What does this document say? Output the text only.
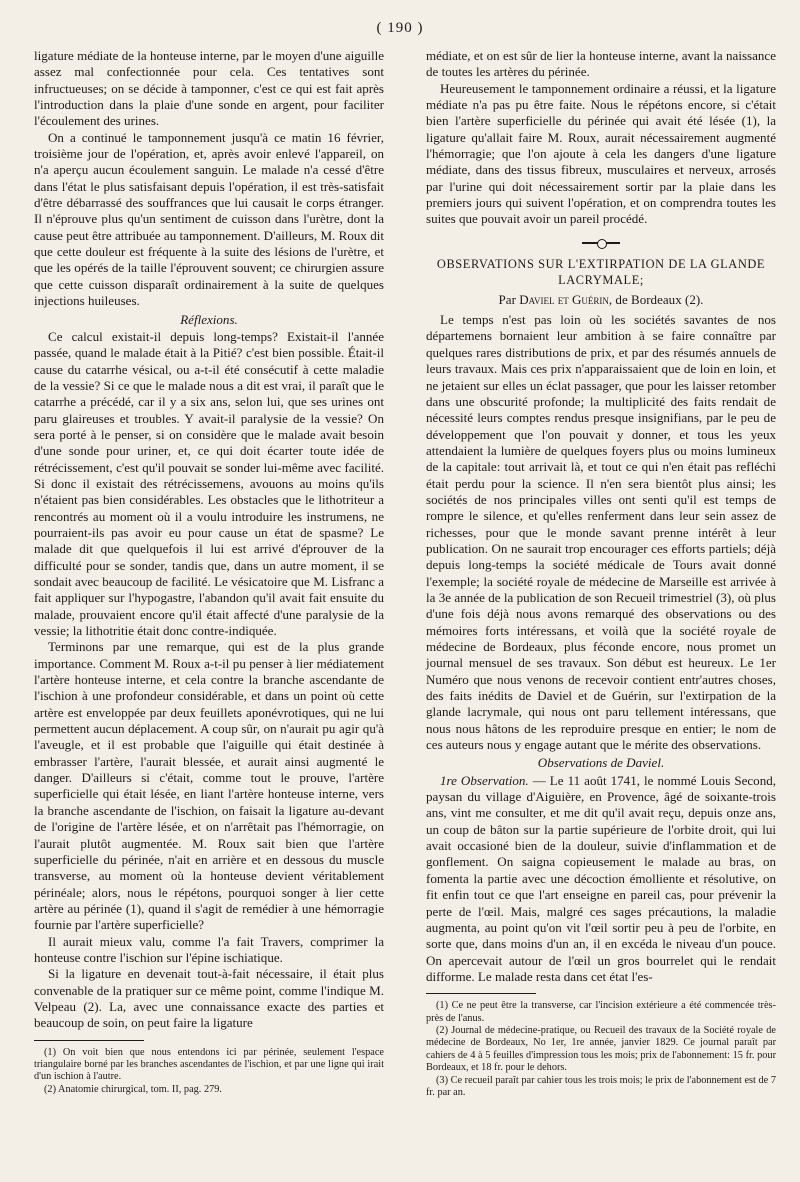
( 190 )

ligature médiate de la honteuse interne, par le moyen d'une aiguille assez mal confectionnée pour cela. Ces tentatives sont infructueuses; on se décide à tamponner, c'est ce qui est fait après l'introduction dans la plaie d'une sonde en argent, pour faciliter l'écoulement des urines.

On a continué le tamponnement jusqu'à ce matin 16 février, troisième jour de l'opération, et, après avoir enlevé l'appareil, on n'a aperçu aucun écoulement sanguin. Le malade n'a cessé d'être dans l'état le plus satisfaisant depuis l'opération, il est très-satisfait d'être débarrassé des souffrances que lui causait le corps étranger. Il n'éprouve plus qu'un sentiment de cuisson dans l'urètre, dont la cause peut être attribuée au tamponnement. D'ailleurs, M. Roux dit que cette douleur est fréquente à la suite des lésions de l'urètre, et que les opérés de la taille l'éprouvent souvent; ce chirurgien assure que cette cuisson disparaît ordinairement à la suite de quelques injections huileuses.

Réflexions.

Ce calcul existait-il depuis long-temps? Existait-il l'année passée, quand le malade était à la Pitié? c'est bien possible. Était-il cause du catarrhe vésical, ou a-t-il été consécutif à cette maladie de la vessie? Si ce que le malade nous a dit est vrai, il paraît que le catarrhe a précédé, car il y a six ans, selon lui, que ses urines ont paru glaireuses et troubles. Y avait-il paralysie de la vessie? On sera porté à le penser, si on considère que le malade avait besoin d'une sonde pour uriner, et, ce qui doit écarter toute idée de rétrécissement, c'est qu'il pouvait se sonder lui-même avec facilité. Si donc il existait des rétrécissemens, avouons au moins qu'ils n'étaient pas bien considérables. Les obstacles que le lithotriteur a rencontrés au moment où il a voulu introduire les instrumens, ne pourraient-ils pas avoir eu pour cause un état de spasme? Le malade dit que quelquefois il lui est arrivé d'éprouver de la difficulté pour se sonder, tandis que, dans un autre moment, il se sondait avec beaucoup de facilité. Le vésicatoire que M. Lisfranc a fait appliquer sur l'hypogastre, l'abandon qu'il avait fait ensuite du malade, prouvaient encore qu'il était affecté d'une paralysie de la vessie; la lithotritie était donc contre-indiquée.

Terminons par une remarque, qui est de la plus grande importance. Comment M. Roux a-t-il pu penser à lier médiatement l'artère honteuse interne, et cela contre la branche ascendante de l'ischion à une profondeur considérable, et dans un point où cette artère est enveloppée par deux feuillets aponévrotiques, qui ne lui permettent aucun déplacement. A coup sûr, on n'aurait pu agir qu'à l'aveugle, et il est probable que l'aiguille qui était destinée à embrasser l'artère, l'aurait blessée, et aurait ainsi augmenté le danger. D'ailleurs si c'était, comme tout le prouve, l'artère superficielle qui était lésée, en liant l'artère honteuse interne, vers la branche ascendante de l'ischion, on faisait la ligature au-devant de l'origine de l'artère lésée, et on n'arrêtait pas l'hémorragie, on l'aurait plutôt augmentée. M. Roux sait bien que l'artère superficielle du périnée, n'ait en arrière et en dessous du muscle transverse, au moment où la honteuse devient véritablement périnéale; alors, nous le répétons, pourquoi songer à lier cette artère au périnée (1), quand il s'agit de remédier à une hémorragie fournie par l'artère superficielle?

Il aurait mieux valu, comme l'a fait Travers, comprimer la honteuse contre l'ischion sur l'épine ischiatique.

Si la ligature en devenait tout-à-fait nécessaire, il était plus convenable de la pratiquer sur ce même point, comme l'indique M. Velpeau (2). La, avec une connaissance exacte des parties et beaucoup de soin, on peut faire la ligature

(1) On voit bien que nous entendons ici par périnée, seulement l'espace triangulaire borné par les branches ascendantes de l'ischion, et par une ligne qui irait d'un ischion à l'autre.

(2) Anatomie chirurgical, tom. II, pag. 279.

médiate, et on est sûr de lier la honteuse interne, avant la naissance de toutes les artères du périnée.

Heureusement le tamponnement ordinaire a réussi, et la ligature médiate n'a pas pu être faite. Nous le répétons encore, si c'était bien l'artère superficielle du périnée qui avait été lésée (1), la ligature qu'allait faire M. Roux, aurait nécessairement augmenté l'hémorragie; que l'on ajoute à cela les dangers d'une ligature médiate, dans des tissus fibreux, musculaires et nerveux, arrosés par l'urine qui doit nécessairement sortir par la plaie dans les premiers jours qui suivent l'opération, et on comprendra toutes les suites que pouvait avoir un pareil procédé.

OBSERVATIONS SUR L'EXTIRPATION DE LA GLANDE LACRYMALE;
Par Daviel et Guérin, de Bordeaux (2).

Le temps n'est pas loin où les sociétés savantes de nos départemens bornaient leur ambition à se faire connaître par quelques rares distributions de prix, et par des résumés annuels de leurs travaux. Mais ces prix n'apparaissaient que de loin en loin, et ne jetaient sur elles un éclat passager, que pour les laisser retomber dans une obscurité profonde; la multiplicité des faits rendait de nécessité leurs comptes rendus presque insignifians, par le peu de développement que l'on pouvait y donner, et tous les yeux attendaient la lumière de quelques foyers plus ou moins lumineux de la capitale: tout arrivait là, et tout ce qui n'en était pas refléchi était perdu pour la science. Il n'en sera bientôt plus ainsi; les sociétés de nos principales villes ont senti qu'il est temps de rompre le silence, et qu'elles renferment dans leur sein assez de richesses, pour que le monde savant prenne intérêt à leur publication. On ne saurait trop encourager ces efforts partiels; déjà depuis long-temps la société médicale de Tours avait donné l'exemple; la société royale de médecine de Marseille est arrivée à la 3e année de la publication de son Recueil trimestriel (3), où plus d'une fois déjà nous avons remarqué des observations ou des mémoires forts intéressans, et voilà que la société royale de médecine de Bordeaux, plus féconde encore, nous promet un journal mensuel de ses travaux. Son début est heureux. Le 1er Numéro que nous venons de recevoir contient entr'autres choses, des faits inédits de Daviel et de Guérin, sur l'extirpation de la glande lacrymale, qui nous ont paru tellement intéressans, que nous nous hâtons de les reproduire presque en entier; le nom de ces auteurs nous y engage autant que le mérite des observations.

Observations de Daviel.

1re Observation. — Le 11 août 1741, le nommé Louis Second, paysan du village d'Aiguière, en Provence, âgé de soixante-trois ans, vint me consulter, et me dit qu'il avait reçu, depuis onze ans, un coup de bâton sur la partie supérieure de l'orbite droit, qui lui avait occasioné bien de la douleur, suivie d'inflammation et de gonflement. On saigna copieusement le malade au bras, on fomenta la partie avec une décoction émolliente et résolutive, on fit enfin tout ce que l'art enseigne en pareil cas, pour prévenir la perte de l'œil. Mais, malgré ces sages précautions, la maladie augmenta, au point qu'on vit l'œil sortir peu à peu de l'orbite, en sorte que, dans moins d'un an, il en excéda le niveau d'un pouce. On apercevait autour de l'œil un gros bourrelet qui le rendait difforme. Le malade resta dans cet état l'es-

(1) Ce ne peut être la transverse, car l'incision extérieure a été commencée très-près de l'anus.

(2) Journal de médecine-pratique, ou Recueil des travaux de la Société royale de médecine de Bordeaux, No 1er, 1re année, janvier 1829. Ce journal paraît par cahiers de 4 à 5 feuilles d'impression tous les mois; prix de l'abonnement: 15 fr. pour Bordeaux, et 18 fr. pour le dehors.

(3) Ce recueil paraît par cahier tous les trois mois; le prix de l'abonnement est de 7 fr. par an.
